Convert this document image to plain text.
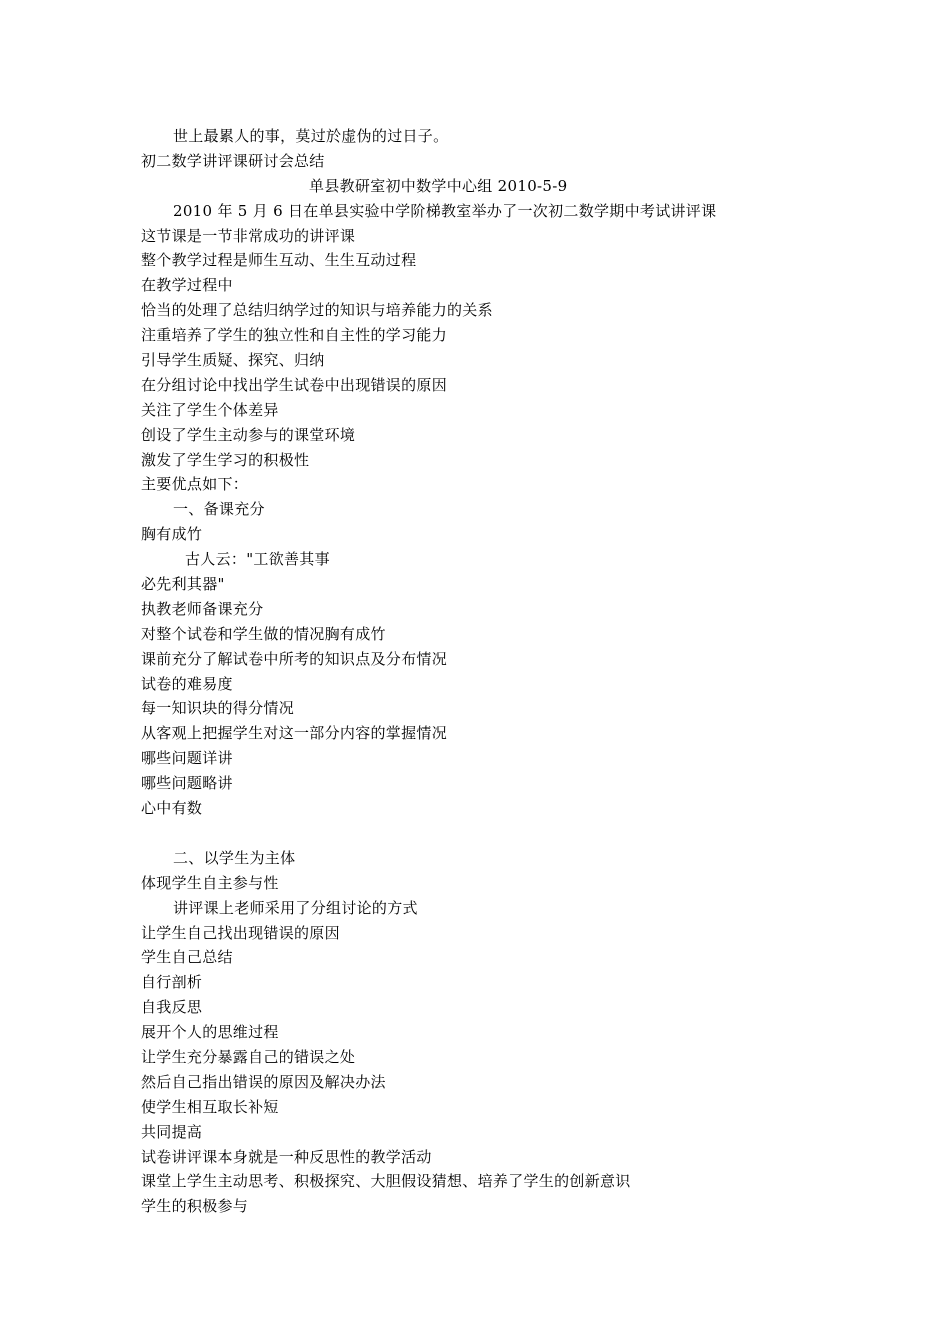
世上最累人的事，莫过於虚伪的过日子。
初二数学讲评课研讨会总结
单县教研室初中数学中心组 2010-5-9
2010 年 5 月 6 日在单县实验中学阶梯教室举办了一次初二数学期中考试讲评课
这节课是一节非常成功的讲评课
整个教学过程是师生互动、生生互动过程
在教学过程中
恰当的处理了总结归纳学过的知识与培养能力的关系
注重培养了学生的独立性和自主性的学习能力
引导学生质疑、探究、归纳
在分组讨论中找出学生试卷中出现错误的原因
关注了学生个体差异
创设了学生主动参与的课堂环境
激发了学生学习的积极性
主要优点如下：
一、备课充分
胸有成竹
古人云："工欲善其事
必先利其器"
执教老师备课充分
对整个试卷和学生做的情况胸有成竹
课前充分了解试卷中所考的知识点及分布情况
试卷的难易度
每一知识块的得分情况
从客观上把握学生对这一部分内容的掌握情况
哪些问题详讲
哪些问题略讲
心中有数
二、以学生为主体
体现学生自主参与性
讲评课上老师采用了分组讨论的方式
让学生自己找出现错误的原因
学生自己总结
自行剖析
自我反思
展开个人的思维过程
让学生充分暴露自己的错误之处
然后自己指出错误的原因及解决办法
使学生相互取长补短
共同提高
试卷讲评课本身就是一种反思性的教学活动
课堂上学生主动思考、积极探究、大胆假设猜想、培养了学生的创新意识
学生的积极参与
